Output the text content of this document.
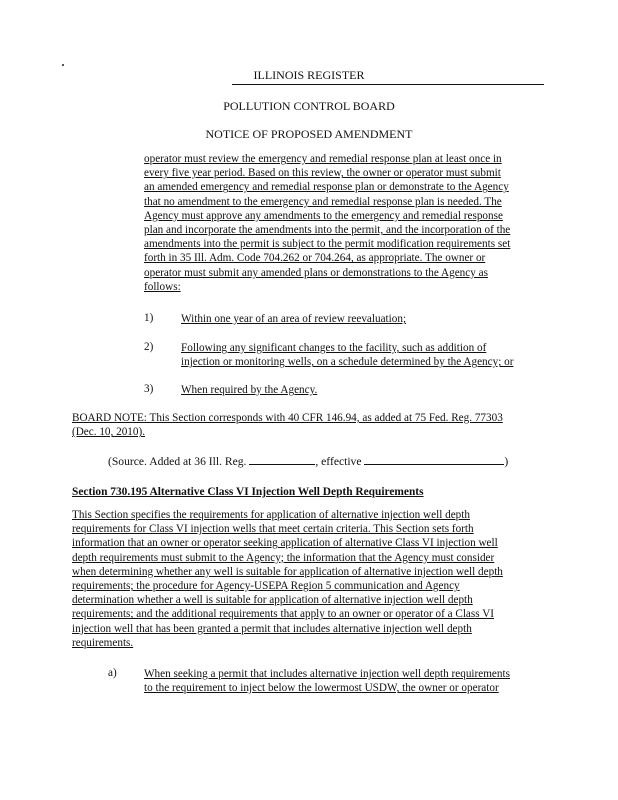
ILLINOIS REGISTER
POLLUTION CONTROL BOARD
NOTICE OF PROPOSED AMENDMENT
operator must review the emergency and remedial response plan at least once in
every five year period. Based on this review, the owner or operator must submit
an amended emergency and remedial response plan or demonstrate to the Agency
that no amendment to the emergency and remedial response plan is needed. The
Agency must approve any amendments to the emergency and remedial response
plan and incorporate the amendments into the permit, and the incorporation of the
amendments into the permit is subject to the permit modification requirements set
forth in 35 Ill. Adm. Code 704.262 or 704.264, as appropriate. The owner or
operator must submit any amended plans or demonstrations to the Agency as
follows:
1) Within one year of an area of review reevaluation;
2) Following any significant changes to the facility, such as addition of
injection or monitoring wells, on a schedule determined by the Agency; or
3) When required by the Agency.
BOARD NOTE: This Section corresponds with 40 CFR 146.94, as added at 75 Fed. Reg. 77303
(Dec. 10, 2010).
(Source. Added at 36 Ill. Reg.	, effective	)
Section 730.195 Alternative Class VI Injection Well Depth Requirements
This Section specifies the requirements for application of alternative injection well depth
requirements for Class VI injection wells that meet certain criteria. This Section sets forth
information that an owner or operator seeking application of alternative Class VI injection well
depth requirements must submit to the Agency; the information that the Agency must consider
when determining whether any well is suitable for application of alternative injection well depth
requirements; the procedure for Agency-USEPA Region 5 communication and Agency
determination whether a well is suitable for application of alternative injection well depth
requirements; and the additional requirements that apply to an owner or operator of a Class VI
injection well that has been granted a permit that includes alternative injection well depth
requirements.
a) When seeking a permit that includes alternative injection well depth requirements
to the requirement to inject below the lowermost USDW, the owner or operator
